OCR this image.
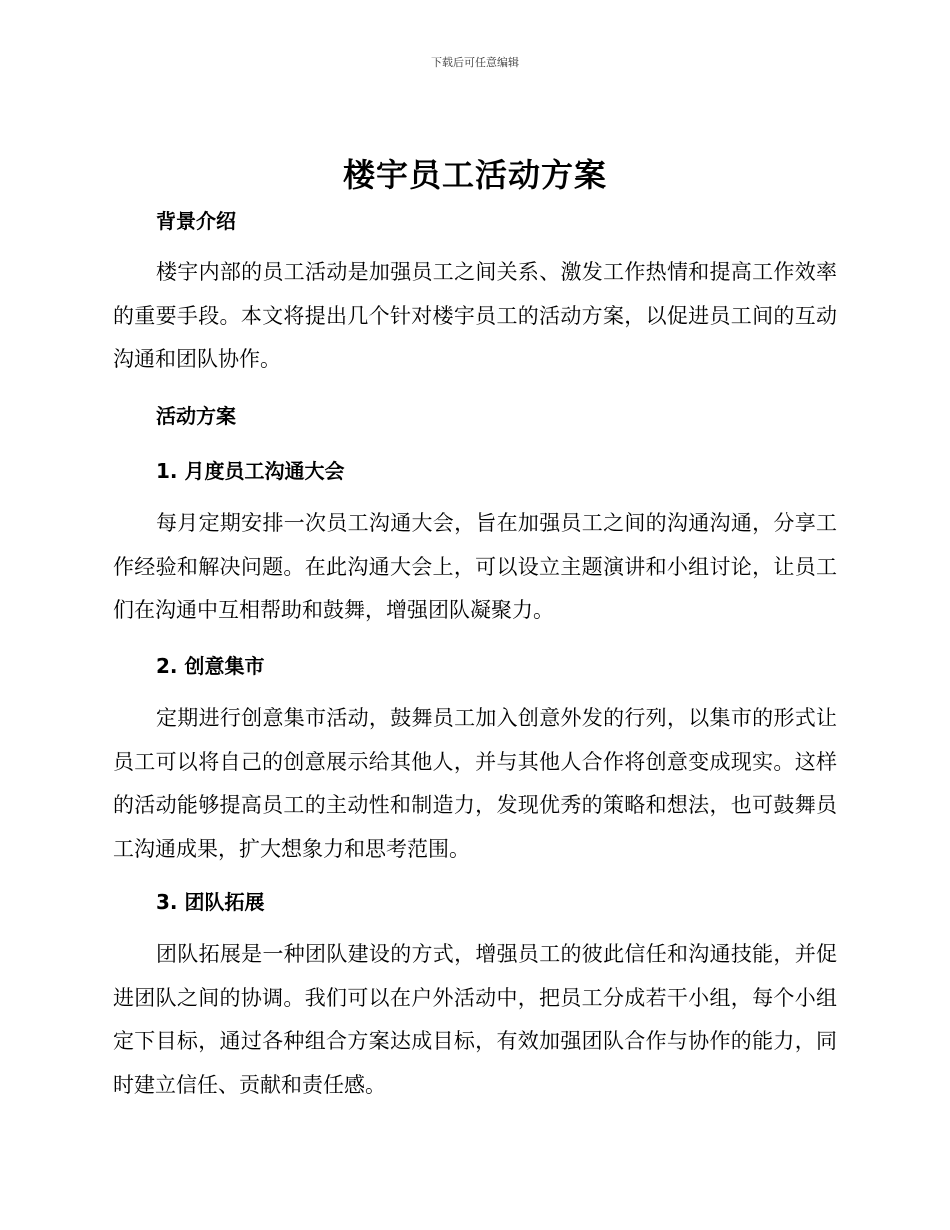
下载后可任意编辑
楼宇员工活动方案
背景介绍
楼宇内部的员工活动是加强员工之间关系、激发工作热情和提高工作效率的重要手段。本文将提出几个针对楼宇员工的活动方案，以促进员工间的互动沟通和团队协作。
活动方案
1. 月度员工沟通大会
每月定期安排一次员工沟通大会，旨在加强员工之间的沟通沟通，分享工作经验和解决问题。在此沟通大会上，可以设立主题演讲和小组讨论，让员工们在沟通中互相帮助和鼓舞，增强团队凝聚力。
2. 创意集市
定期进行创意集市活动，鼓舞员工加入创意外发的行列，以集市的形式让员工可以将自己的创意展示给其他人，并与其他人合作将创意变成现实。这样的活动能够提高员工的主动性和制造力，发现优秀的策略和想法，也可鼓舞员工沟通成果，扩大想象力和思考范围。
3. 团队拓展
团队拓展是一种团队建设的方式，增强员工的彼此信任和沟通技能，并促进团队之间的协调。我们可以在户外活动中，把员工分成若干小组，每个小组定下目标，通过各种组合方案达成目标，有效加强团队合作与协作的能力，同时建立信任、贡献和责任感。
